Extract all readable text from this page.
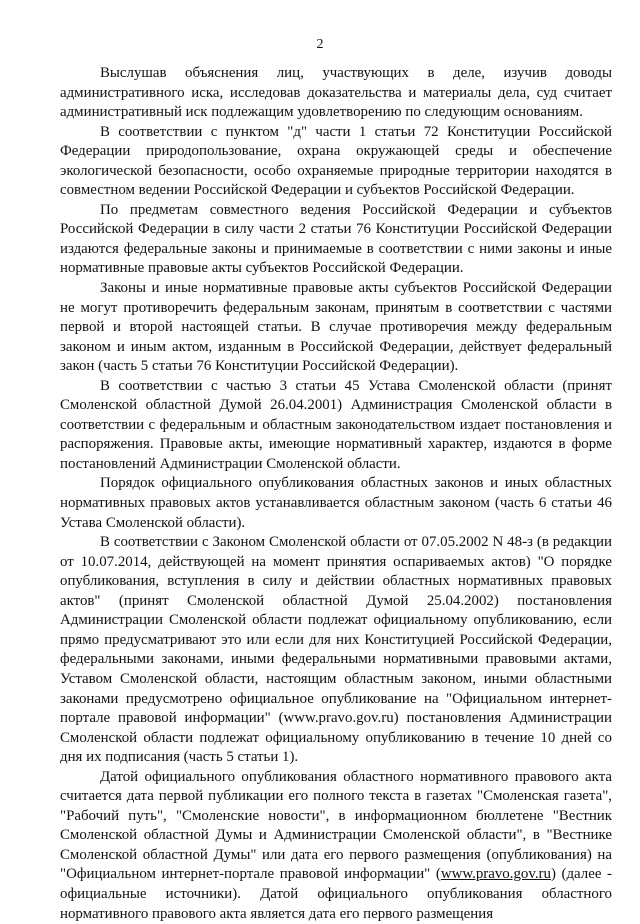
2

Выслушав объяснения лиц, участвующих в деле, изучив доводы административного иска, исследовав доказательства и материалы дела, суд считает административный иск подлежащим удовлетворению по следующим основаниям.

В соответствии с пунктом "д" части 1 статьи 72 Конституции Российской Федерации природопользование, охрана окружающей среды и обеспечение экологической безопасности, особо охраняемые природные территории находятся в совместном ведении Российской Федерации и субъектов Российской Федерации.

По предметам совместного ведения Российской Федерации и субъектов Российской Федерации в силу части 2 статьи 76 Конституции Российской Федерации издаются федеральные законы и принимаемые в соответствии с ними законы и иные нормативные правовые акты субъектов Российской Федерации.

Законы и иные нормативные правовые акты субъектов Российской Федерации не могут противоречить федеральным законам, принятым в соответствии с частями первой и второй настоящей статьи. В случае противоречия между федеральным законом и иным актом, изданным в Российской Федерации, действует федеральный закон (часть 5 статьи 76 Конституции Российской Федерации).

В соответствии с частью 3 статьи 45 Устава Смоленской области (принят Смоленской областной Думой 26.04.2001) Администрация Смоленской области в соответствии с федеральным и областным законодательством издает постановления и распоряжения. Правовые акты, имеющие нормативный характер, издаются в форме постановлений Администрации Смоленской области.

Порядок официального опубликования областных законов и иных областных нормативных правовых актов устанавливается областным законом (часть 6 статьи 46 Устава Смоленской области).

В соответствии с Законом Смоленской области от 07.05.2002 N 48-з (в редакции от 10.07.2014, действующей на момент принятия оспариваемых актов) "О порядке опубликования, вступления в силу и действии областных нормативных правовых актов" (принят Смоленской областной Думой 25.04.2002) постановления Администрации Смоленской области подлежат официальному опубликованию, если прямо предусматривают это или если для них Конституцией Российской Федерации, федеральными законами, иными федеральными нормативными правовыми актами, Уставом Смоленской области, настоящим областным законом, иными областными законами предусмотрено официальное опубликование на "Официальном интернет-портале правовой информации" (www.pravo.gov.ru) постановления Администрации Смоленской области подлежат официальному опубликованию в течение 10 дней со дня их подписания (часть 5 статьи 1).

Датой официального опубликования областного нормативного правового акта считается дата первой публикации его полного текста в газетах "Смоленская газета", "Рабочий путь", "Смоленские новости", в информационном бюллетене "Вестник Смоленской областной Думы и Администрации Смоленской области", в "Вестнике Смоленской областной Думы" или дата его первого размещения (опубликования) на "Официальном интернет-портале правовой информации" (www.pravo.gov.ru) (далее - официальные источники). Датой официального опубликования областного нормативного правового акта является дата его первого размещения
